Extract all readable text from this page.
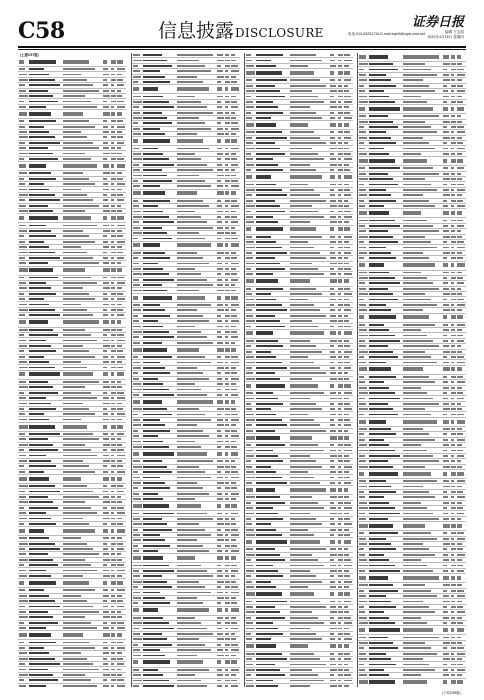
C58	信息披露DISCLOSURE	电话:010-83251716 E-mail:zqrb9@zqrb.sina.net
证券日报
编辑 王宝丽
2020年4月16日 星期四
(上接C57版)
(下转C59版)
